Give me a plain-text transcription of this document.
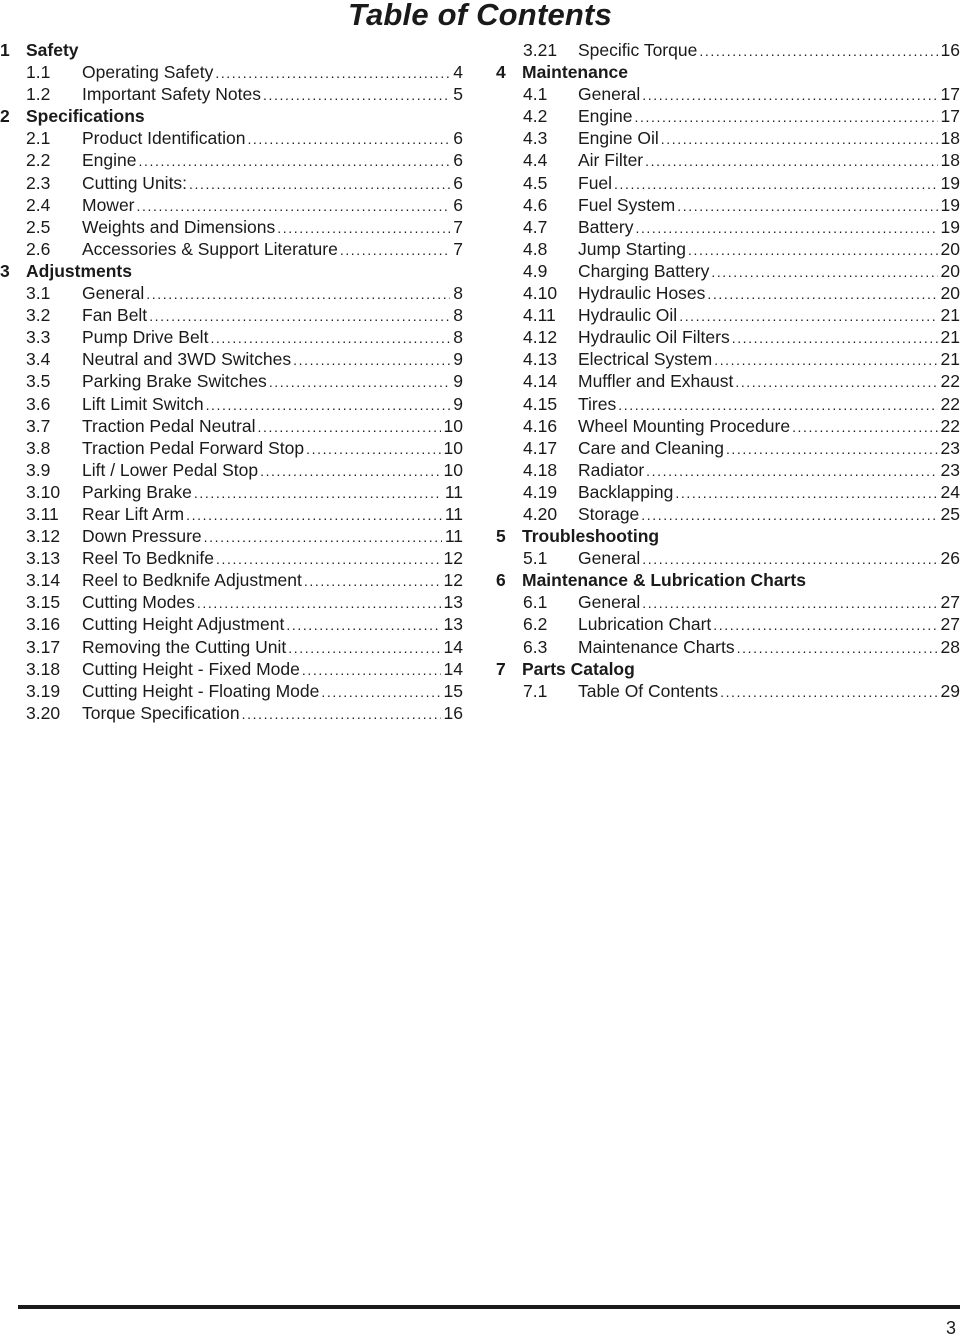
Table of Contents
1 Safety
1.1 Operating Safety .....	4
1.2 Important Safety Notes .....	5
2 Specifications
2.1 Product Identification .....	6
2.2 Engine .....	6
2.3 Cutting Units: .....	6
2.4 Mower .....	6
2.5 Weights and Dimensions .....	7
2.6 Accessories & Support Literature .....	7
3 Adjustments
3.1 General .....	8
3.2 Fan Belt .....	8
3.3 Pump Drive Belt .....	8
3.4 Neutral and 3WD Switches .....	9
3.5 Parking Brake Switches .....	9
3.6 Lift Limit Switch .....	9
3.7 Traction Pedal Neutral .....	10
3.8 Traction Pedal Forward Stop .....	10
3.9 Lift / Lower Pedal Stop .....	10
3.10 Parking Brake .....	11
3.11 Rear Lift Arm .....	11
3.12 Down Pressure .....	11
3.13 Reel To Bedknife .....	12
3.14 Reel to Bedknife Adjustment .....	12
3.15 Cutting Modes .....	13
3.16 Cutting Height Adjustment .....	13
3.17 Removing the Cutting Unit .....	14
3.18 Cutting Height - Fixed Mode .....	14
3.19 Cutting Height - Floating Mode .....	15
3.20 Torque Specification .....	16
3.21 Specific Torque .....	16
4 Maintenance
4.1 General .....	17
4.2 Engine .....	17
4.3 Engine Oil .....	18
4.4 Air Filter .....	18
4.5 Fuel .....	19
4.6 Fuel System .....	19
4.7 Battery .....	19
4.8 Jump Starting .....	20
4.9 Charging Battery .....	20
4.10 Hydraulic Hoses .....	20
4.11 Hydraulic Oil .....	21
4.12 Hydraulic Oil Filters .....	21
4.13 Electrical System .....	21
4.14 Muffler and Exhaust .....	22
4.15 Tires .....	22
4.16 Wheel Mounting Procedure .....	22
4.17 Care and Cleaning .....	23
4.18 Radiator .....	23
4.19 Backlapping .....	24
4.20 Storage .....	25
5 Troubleshooting
5.1 General .....	26
6 Maintenance & Lubrication Charts
6.1 General .....	27
6.2 Lubrication Chart .....	27
6.3 Maintenance Charts .....	28
7 Parts Catalog
7.1 Table Of Contents .....	29
3
